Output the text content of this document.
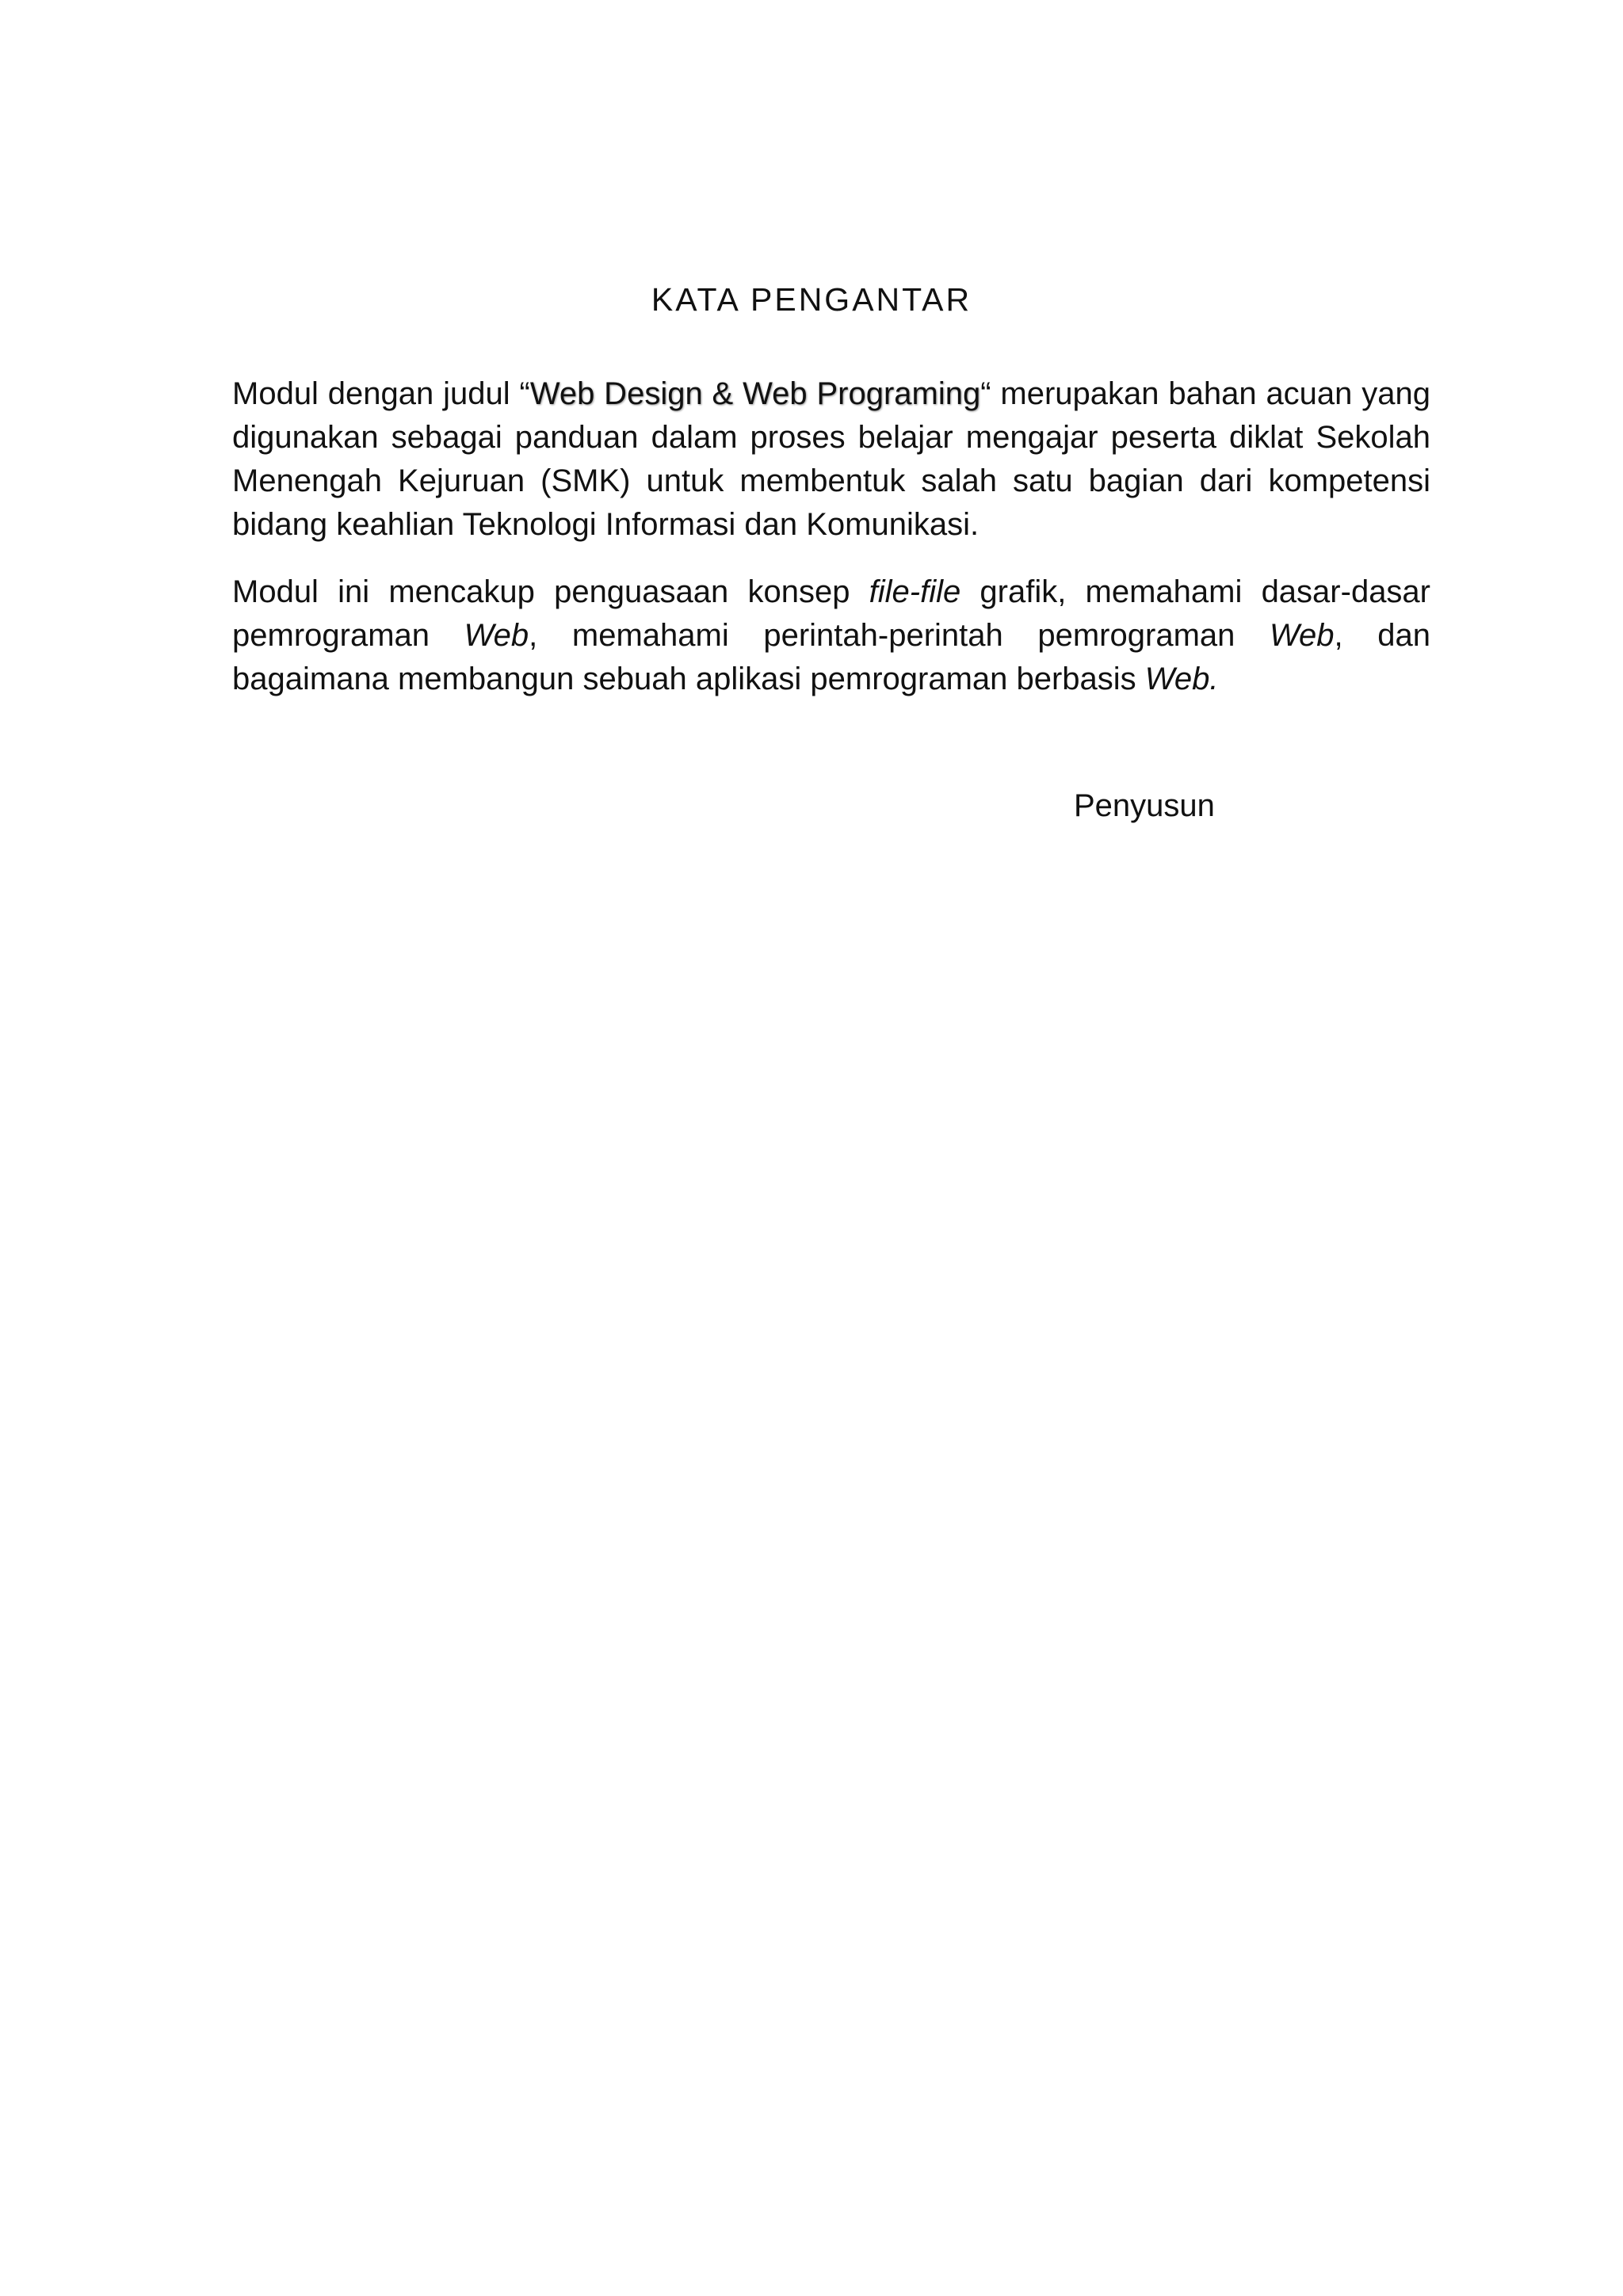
KATA PENGANTAR

Modul dengan judul “Web Design & Web Programing“ merupakan bahan acuan yang digunakan sebagai panduan dalam proses belajar mengajar peserta diklat Sekolah Menengah Kejuruan (SMK) untuk membentuk salah satu bagian dari kompetensi bidang keahlian Teknologi Informasi dan Komunikasi.

Modul ini mencakup penguasaan konsep file-file grafik, memahami dasar-dasar pemrograman Web, memahami perintah-perintah pemrograman Web, dan bagaimana membangun sebuah aplikasi pemrograman berbasis Web.

Penyusun
